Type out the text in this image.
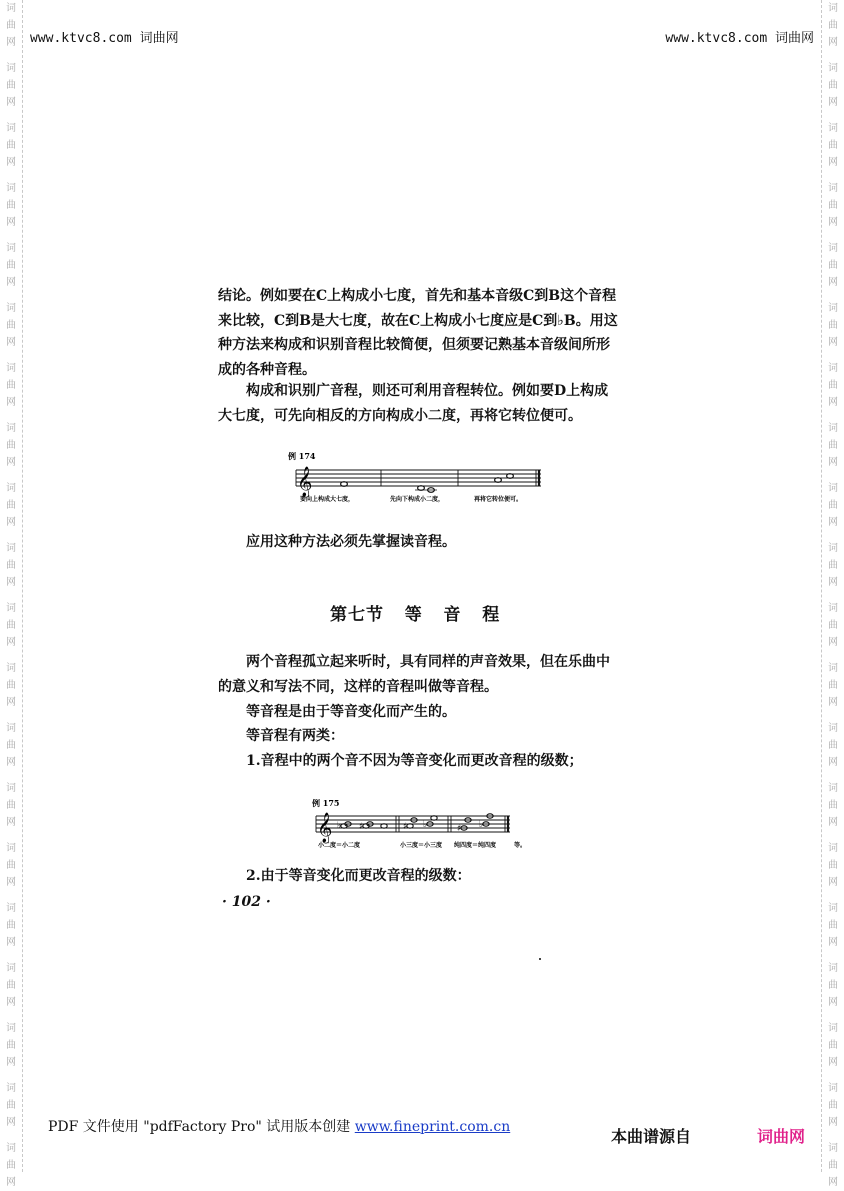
词
曲
网
词
曲
网
词
曲
网
词
曲
网
词
曲
网
词
曲
网
词
曲
网
词
曲
网
词
曲
网
词
曲
网
词
曲
网
词
曲
网
词
曲
网
词
曲
网
词
曲
网
词
曲
网
词
曲
网
词
曲
网
词
曲
网
词
曲
网
词
曲
网
词
曲
网
词
曲
网
词
曲
网
词
曲
网
词
曲
网
词
曲
网
词
曲
网
词
曲
网
词
曲
网
词
曲
网
词
曲
网
词
曲
网
词
曲
网
词
曲
网
词
曲
网
词
曲
网
词
曲
网
词
曲
网
词
曲
网
www.ktvc8.com 词曲网	www.ktvc8.com 词曲网
结论。例如要在C上构成小七度，首先和基本音级C到B这个音程来比较，C到B是大七度，故在C上构成小七度应是C到♭B。用这种方法来构成和识别音程比较简便，但须要记熟基本音级间所形成的各种音程。
构成和识别广音程，则还可利用音程转位。例如要D上构成大七度，可先向相反的方向构成小二度，再将它转位便可。
例 174
𝄞
要向上构成大七度，	先向下构成小二度，	再将它转位便可。
应用这种方法必须先掌握读音程。
第七节   等   音   程
两个音程孤立起来听时，具有同样的声音效果，但在乐曲中的意义和写法不同，这样的音程叫做等音程。
等音程是由于等音变化而产生的。
等音程有两类：
1.音程中的两个音不因为等音变化而更改音程的级数；
例 175
𝄞 ♭ ♯	♯ ♭	♯ ♭
小二度＝小二度	小三度＝小三度 纯四度＝纯四度	等。
2.由于等音变化而更改音程的级数：
· 102 ·
PDF 文件使用 "pdfFactory Pro" 试用版本创建 www.fineprint.com.cn	本曲谱源自	词曲网
